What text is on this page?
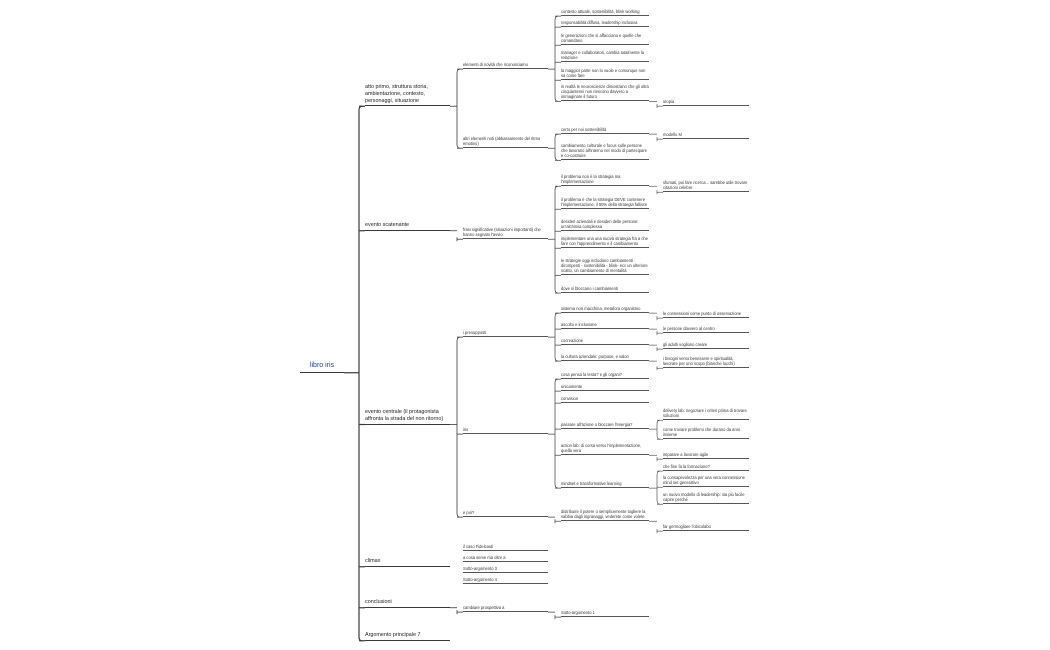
libro iris
atto primo, struttura storia, ambientazione, contesto, personaggi, situazione
evento scatenante
evento centrale (il protagonista affronta la strada del non ritorno)
climax
conclusioni
Argomento principale 7
elementi di novità che riconosciamo
altri elementi noti (abbassamento del ritmo emotivo)
frasi significative (situazioni importanti) che hanno segnato l'avvio
i presupposti
iris
e poi?
il caso Fidelcasti
a cosa serve ma oltre a
Sotto-argomento 3
Sotto-argomento 4
cambiare prospettiva a
contesto attuale, sostenibilità, blink working
responsabilità diffusa, leadership inclusiva
le generazioni che si affacciano e quelle che comandano
manager e collaboratori, cambia totalmente la relazione
la maggior parte non lo vuole e comunque non sa come fare
in realtà le neuroscienze dimostrano che gli ultra cinquantenni non riescono davvero a immaginare il futuro
certo per noi sostenibilità
cambiamento culturale e focus sulle persone che lavorano all'interno nel modo di partecipare e co-costruire
il problema non è la strategia ma l'implementazione
il problema è che la strategia DEVE contenere l'implementazione, il 50% della strategia fallisce
desideri aziendali e desideri delle persone: un'alchimia complessa
implementare una una nuova strategia fra a che fare con l'apprendimento e il cambiamento
le strategie oggi includono cambiamenti dirompenti - sostenibilità - blink- ecc un ulteriore scatto, un cambiamento di mentalità
dove si bloccano i cambiamenti
sistema non macchina, metafora organismo
ascolto e inclusione
cocreazione
la cultura aziendale: purpose, e valori
cosa pensa la testa? e gli organi?
unicamente
convision
passare all'azione o bloccare l'energia?
action lab: di corsa verso l'implementazione, quella vera
mindset e transformative learning
distribuire il potere o semplicemente togliere la sabbia dagli ingranaggi, vederete come volete
Sotto-argomento 1
utopia
modello M
sfumati, poi fare ricerca... sarebbe utile trovare citazioni celebre
le connessioni come punto di osservazione
le persone davvero al centro
gli adulti vogliono creare
i bisogni verso benessere e spiritualità, lavorare per uno scopo (bianche lucchi)
delivery lab: negoziare i criteri prima di trovare soluzioni
come trovare problemi che durano da anni insieme
imparare a lavorare agile
che fine fa la formazione?
la consapevolezza per una vera connessione mind set generativo
un nuovo modello di leadership: sia più facile capire perché
far germogliare l'obicolabo
